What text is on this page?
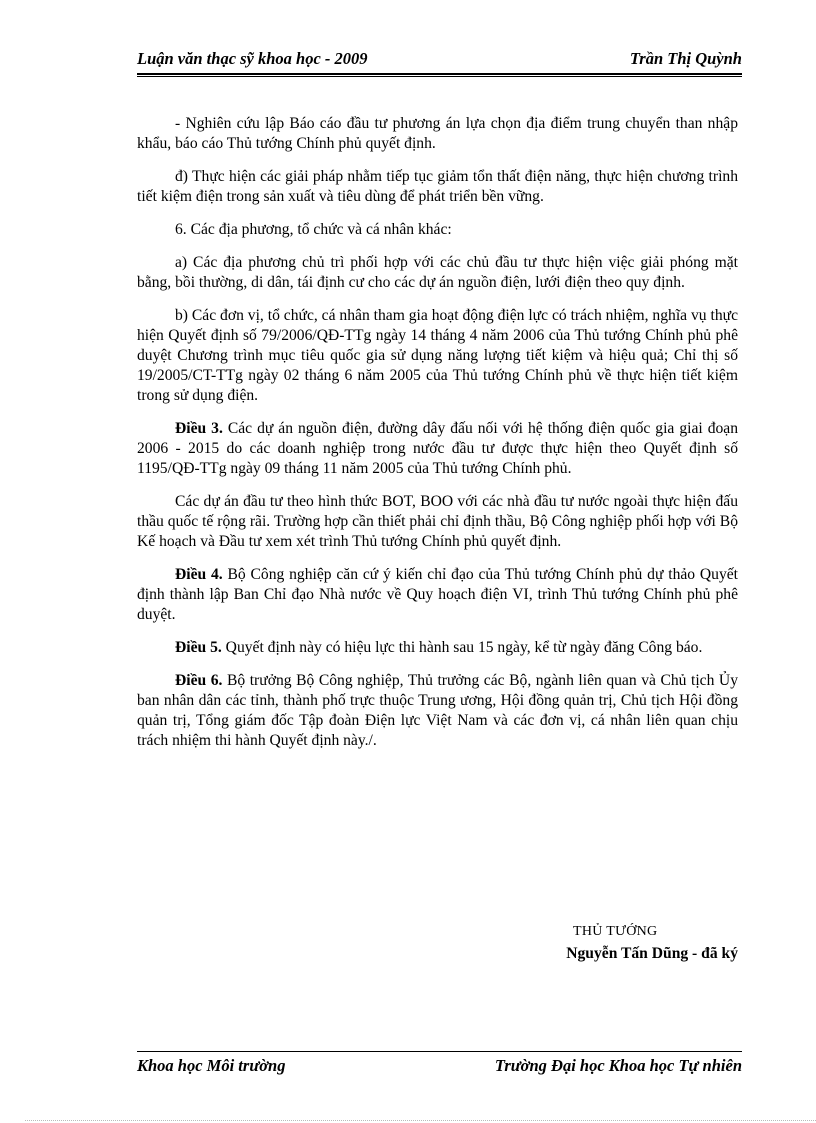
Luận văn thạc sỹ khoa học - 2009	Trần Thị Quỳnh

- Nghiên cứu lập Báo cáo đầu tư phương án lựa chọn địa điểm trung chuyển than nhập khẩu, báo cáo Thủ tướng Chính phủ quyết định.

đ) Thực hiện các giải pháp nhằm tiếp tục giảm tổn thất điện năng, thực hiện chương trình tiết kiệm điện trong sản xuất và tiêu dùng để phát triển bền vững.

6. Các địa phương, tổ chức và cá nhân khác:

a) Các địa phương chủ trì phối hợp với các chủ đầu tư thực hiện việc giải phóng mặt bằng, bồi thường, di dân, tái định cư cho các dự án nguồn điện, lưới điện theo quy định.

b) Các đơn vị, tổ chức, cá nhân tham gia hoạt động điện lực có trách nhiệm, nghĩa vụ thực hiện Quyết định số 79/2006/QĐ-TTg ngày 14 tháng 4 năm 2006 của Thủ tướng Chính phủ phê duyệt Chương trình mục tiêu quốc gia sử dụng năng lượng tiết kiệm và hiệu quả; Chỉ thị số 19/2005/CT-TTg ngày 02 tháng 6 năm 2005 của Thủ tướng Chính phủ về thực hiện tiết kiệm trong sử dụng điện.

Điều 3. Các dự án nguồn điện, đường dây đấu nối với hệ thống điện quốc gia giai đoạn 2006 - 2015 do các doanh nghiệp trong nước đầu tư được thực hiện theo Quyết định số 1195/QĐ-TTg ngày 09 tháng 11 năm 2005 của Thủ tướng Chính phủ.

Các dự án đầu tư theo hình thức BOT, BOO với các nhà đầu tư nước ngoài thực hiện đấu thầu quốc tế rộng rãi. Trường hợp cần thiết phải chỉ định thầu, Bộ Công nghiệp phối hợp với Bộ Kế hoạch và Đầu tư xem xét trình Thủ tướng Chính phủ quyết định.

Điều 4. Bộ Công nghiệp căn cứ ý kiến chỉ đạo của Thủ tướng Chính phủ dự thảo Quyết định thành lập Ban Chỉ đạo Nhà nước về Quy hoạch điện VI, trình Thủ tướng Chính phủ phê duyệt.

Điều 5. Quyết định này có hiệu lực thi hành sau 15 ngày, kể từ ngày đăng Công báo.

Điều 6. Bộ trưởng Bộ Công nghiệp, Thủ trưởng các Bộ, ngành liên quan và Chủ tịch Ủy ban nhân dân các tỉnh, thành phố trực thuộc Trung ương, Hội đồng quản trị, Chủ tịch Hội đồng quản trị, Tổng giám đốc Tập đoàn Điện lực Việt Nam và các đơn vị, cá nhân liên quan chịu trách nhiệm thi hành Quyết định này./.

THỦ TƯỚNG
Nguyễn Tấn Dũng - đã ký
Khoa học Môi trường	Trường Đại học Khoa học Tự nhiên
